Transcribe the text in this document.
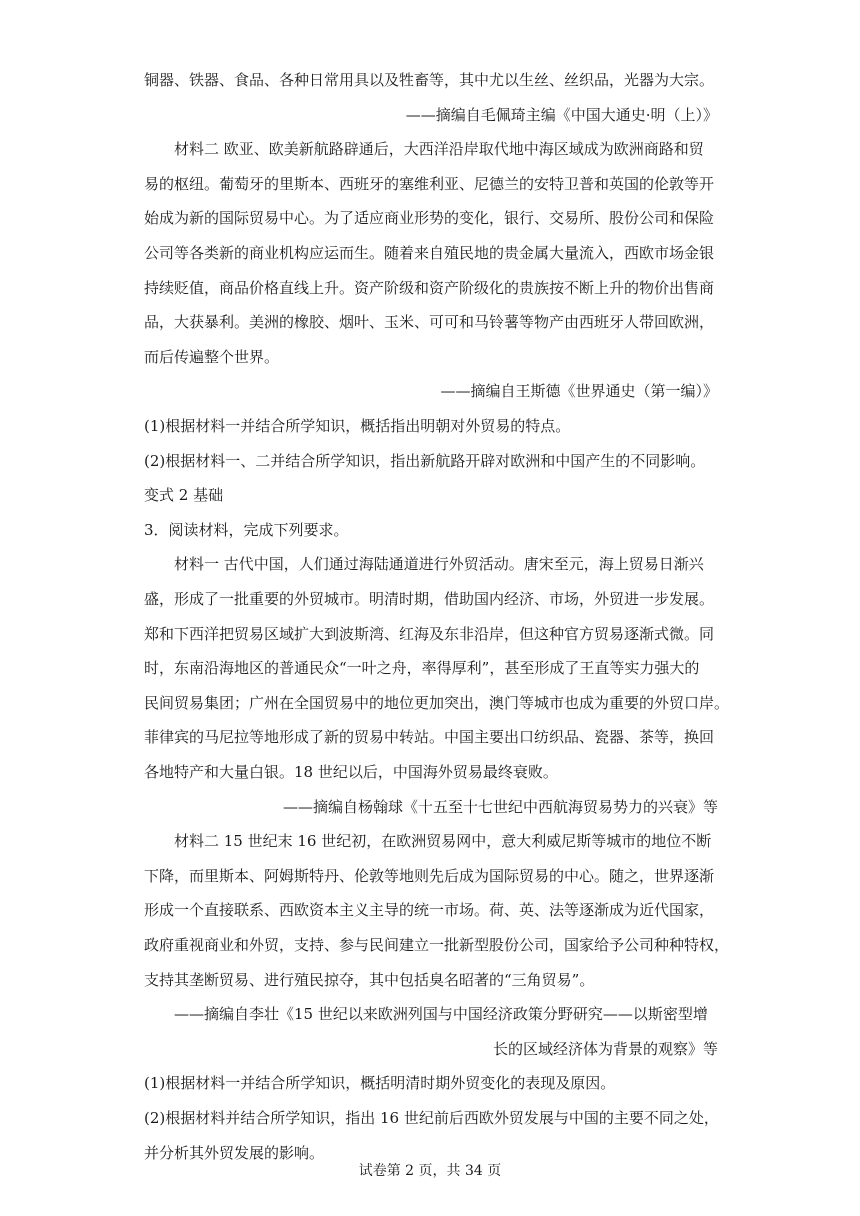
铜器、铁器、食品、各种日常用具以及牲畜等，其中尤以生丝、丝织品，光器为大宗。
——摘编自毛佩琦主编《中国大通史·明（上）》
材料二 欧亚、欧美新航路辟通后，大西洋沿岸取代地中海区域成为欧洲商路和贸
易的枢纽。葡萄牙的里斯本、西班牙的塞维利亚、尼德兰的安特卫普和英国的伦敦等开
始成为新的国际贸易中心。为了适应商业形势的变化，银行、交易所、股份公司和保险
公司等各类新的商业机构应运而生。随着来自殖民地的贵金属大量流入，西欧市场金银
持续贬值，商品价格直线上升。资产阶级和资产阶级化的贵族按不断上升的物价出售商
品，大获暴利。美洲的橡胶、烟叶、玉米、可可和马铃薯等物产由西班牙人带回欧洲，
而后传遍整个世界。
——摘编自王斯德《世界通史（第一编）》
(1)根据材料一并结合所学知识，概括指出明朝对外贸易的特点。
(2)根据材料一、二并结合所学知识，指出新航路开辟对欧洲和中国产生的不同影响。
变式 2 基础
3．阅读材料，完成下列要求。
材料一 古代中国，人们通过海陆通道进行外贸活动。唐宋至元，海上贸易日渐兴
盛，形成了一批重要的外贸城市。明清时期，借助国内经济、市场，外贸进一步发展。
郑和下西洋把贸易区域扩大到波斯湾、红海及东非沿岸，但这种官方贸易逐渐式微。同
时，东南沿海地区的普通民众“一叶之舟，率得厚利”，甚至形成了王直等实力强大的
民间贸易集团；广州在全国贸易中的地位更加突出，澳门等城市也成为重要的外贸口岸。
菲律宾的马尼拉等地形成了新的贸易中转站。中国主要出口纺织品、瓷器、茶等，换回
各地特产和大量白银。18 世纪以后，中国海外贸易最终衰败。
——摘编自杨翰球《十五至十七世纪中西航海贸易势力的兴衰》等
材料二 15 世纪末 16 世纪初，在欧洲贸易网中，意大利威尼斯等城市的地位不断
下降，而里斯本、阿姆斯特丹、伦敦等地则先后成为国际贸易的中心。随之，世界逐渐
形成一个直接联系、西欧资本主义主导的统一市场。荷、英、法等逐渐成为近代国家，
政府重视商业和外贸，支持、参与民间建立一批新型股份公司，国家给予公司种种特权，
支持其垄断贸易、进行殖民掠夺，其中包括臭名昭著的“三角贸易”。
——摘编自李壮《15 世纪以来欧洲列国与中国经济政策分野研究——以斯密型增
长的区域经济体为背景的观察》等
(1)根据材料一并结合所学知识，概括明清时期外贸变化的表现及原因。
试卷第 2 页，共 34 页
(2)根据材料并结合所学知识，指出 16 世纪前后西欧外贸发展与中国的主要不同之处，
并分析其外贸发展的影响。
